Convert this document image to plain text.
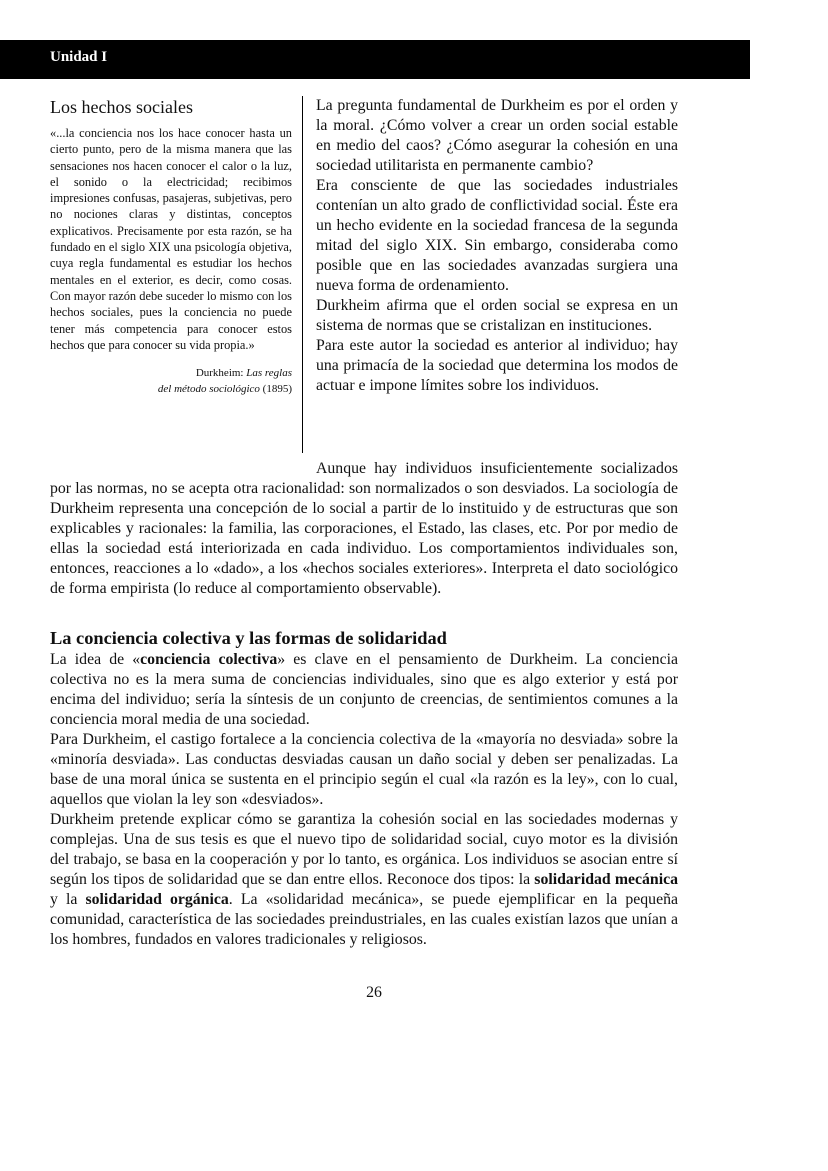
Unidad I
Los hechos sociales

«...la conciencia nos los hace conocer hasta un cierto punto, pero de la misma manera que las sensaciones nos hacen conocer el calor o la luz, el sonido o la electricidad; recibimos impresiones confusas, pasajeras, subjetivas, pero no nociones claras y distintas, conceptos explicativos. Precisamente por esta razón, se ha fundado en el siglo XIX una psicología objetiva, cuya regla fundamental es estudiar los hechos mentales en el exterior, es decir, como cosas. Con mayor razón debe suceder lo mismo con los hechos sociales, pues la conciencia no puede tener más competencia para conocer estos hechos que para conocer su vida propia.»

Durkheim: Las reglas
del método sociológico (1895)

La pregunta fundamental de Durkheim es por el orden y la moral. ¿Cómo volver a crear un orden social estable en medio del caos? ¿Cómo asegurar la cohesión en una sociedad utilitarista en permanente cambio?

Era consciente de que las sociedades industriales contenían un alto grado de conflictividad social. Éste era un hecho evidente en la sociedad francesa de la segunda mitad del siglo XIX. Sin embargo, consideraba como posible que en las sociedades avanzadas surgiera una nueva forma de ordenamiento.

Durkheim afirma que el orden social se expresa en un sistema de normas que se cristalizan en instituciones.

Para este autor la sociedad es anterior al individuo; hay una primacía de la sociedad que determina los modos de actuar e impone límites sobre los individuos.

Aunque hay individuos insuficientemente socializados por las normas, no se acepta otra racionalidad: son normalizados o son desviados. La sociología de Durkheim representa una concepción de lo social a partir de lo instituido y de estructuras que son explicables y racionales: la familia, las corporaciones, el Estado, las clases, etc. Por por medio de ellas la sociedad está interiorizada en cada individuo. Los comportamientos individuales son, entonces, reacciones a lo «dado», a los «hechos sociales exteriores». Interpreta el dato sociológico de forma empirista (lo reduce al comportamiento observable).

La conciencia colectiva y las formas de solidaridad

La idea de «conciencia colectiva» es clave en el pensamiento de Durkheim. La conciencia colectiva no es la mera suma de conciencias individuales, sino que es algo exterior y está por encima del individuo; sería la síntesis de un conjunto de creencias, de sentimientos comunes a la conciencia moral media de una sociedad.

Para Durkheim, el castigo fortalece a la conciencia colectiva de la «mayoría no desviada» sobre la «minoría desviada». Las conductas desviadas causan un daño social y deben ser penalizadas. La base de una moral única se sustenta en el principio según el cual «la razón es la ley», con lo cual, aquellos que violan la ley son «desviados».

Durkheim pretende explicar cómo se garantiza la cohesión social en las sociedades modernas y complejas. Una de sus tesis es que el nuevo tipo de solidaridad social, cuyo motor es la división del trabajo, se basa en la cooperación y por lo tanto, es orgánica. Los individuos se asocian entre sí según los tipos de solidaridad que se dan entre ellos. Reconoce dos tipos: la solidaridad mecánica y la solidaridad orgánica. La «solidaridad mecánica», se puede ejemplificar en la pequeña comunidad, característica de las sociedades preindustriales, en las cuales existían lazos que unían a los hombres, fundados en valores tradicionales y religiosos.

26
